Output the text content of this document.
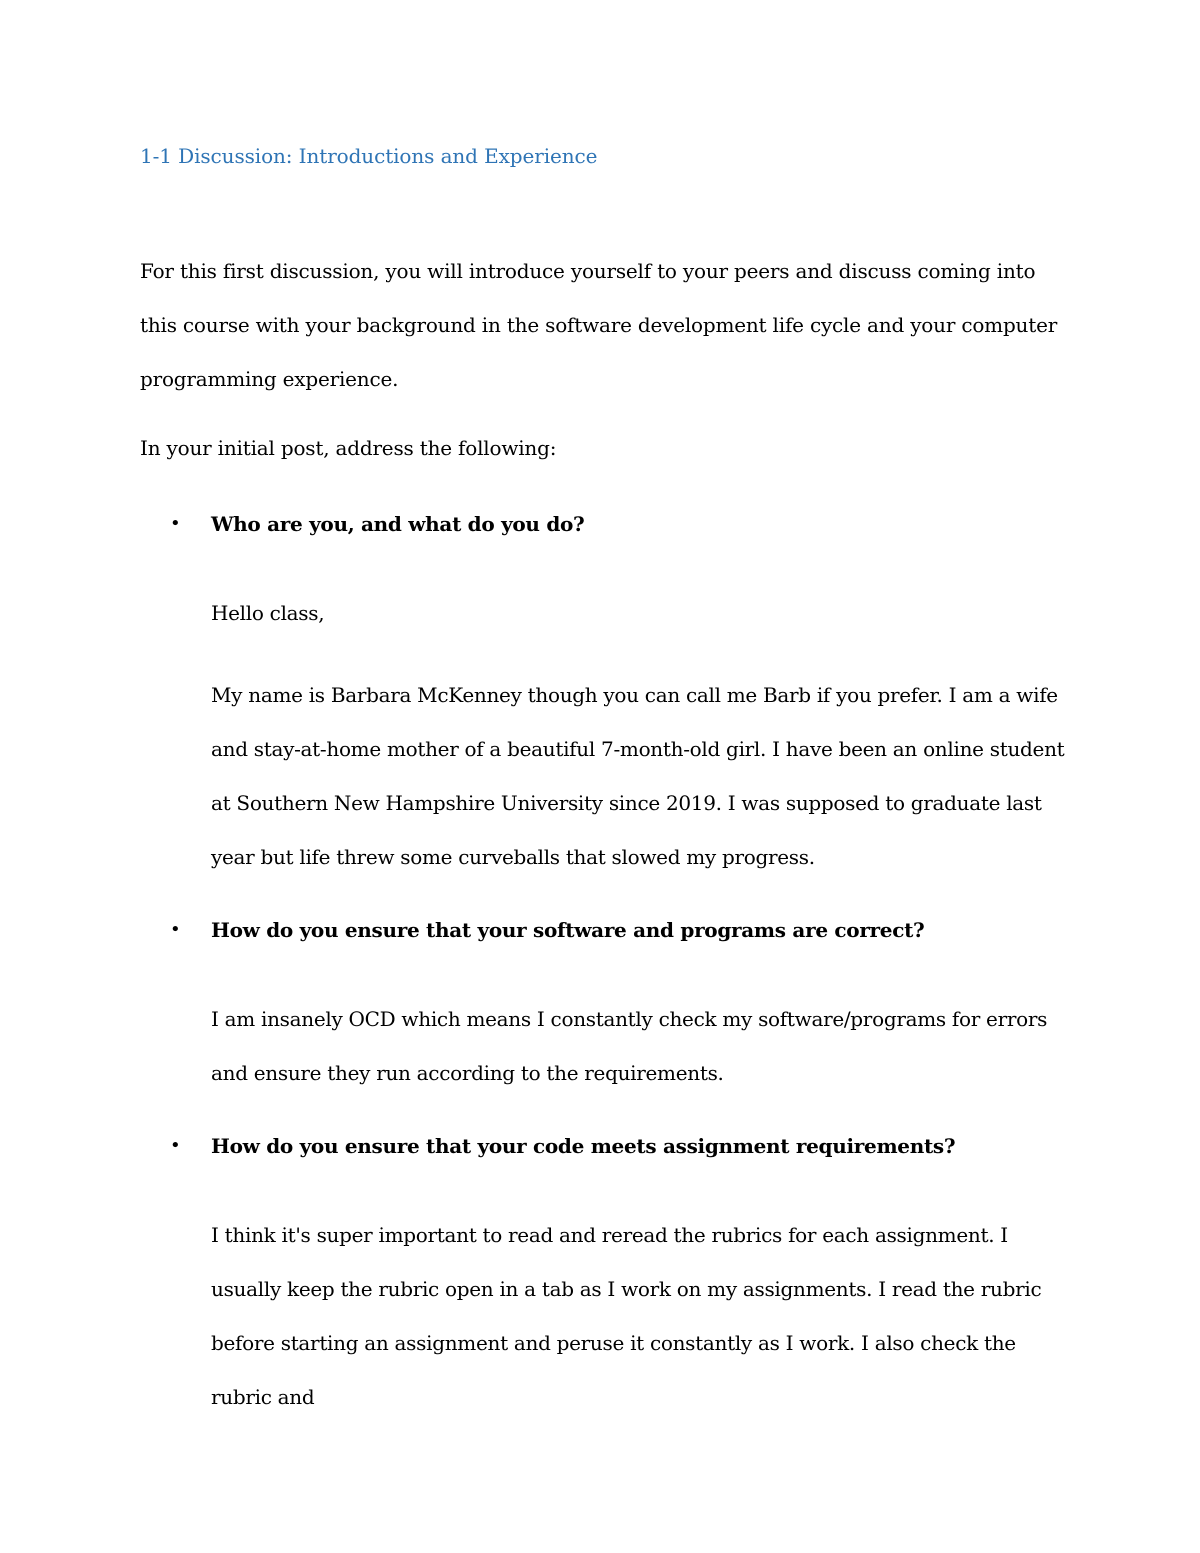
1-1 Discussion: Introductions and Experience

For this first discussion, you will introduce yourself to your peers and discuss coming into this course with your background in the software development life cycle and your computer programming experience.

In your initial post, address the following:

• Who are you, and what do you do?

Hello class,

My name is Barbara McKenney though you can call me Barb if you prefer. I am a wife and stay-at-home mother of a beautiful 7-month-old girl. I have been an online student at Southern New Hampshire University since 2019. I was supposed to graduate last year but life threw some curveballs that slowed my progress.

• How do you ensure that your software and programs are correct?

I am insanely OCD which means I constantly check my software/programs for errors and ensure they run according to the requirements.

• How do you ensure that your code meets assignment requirements?

I think it's super important to read and reread the rubrics for each assignment. I usually keep the rubric open in a tab as I work on my assignments. I read the rubric before starting an assignment and peruse it constantly as I work. I also check the rubric and
